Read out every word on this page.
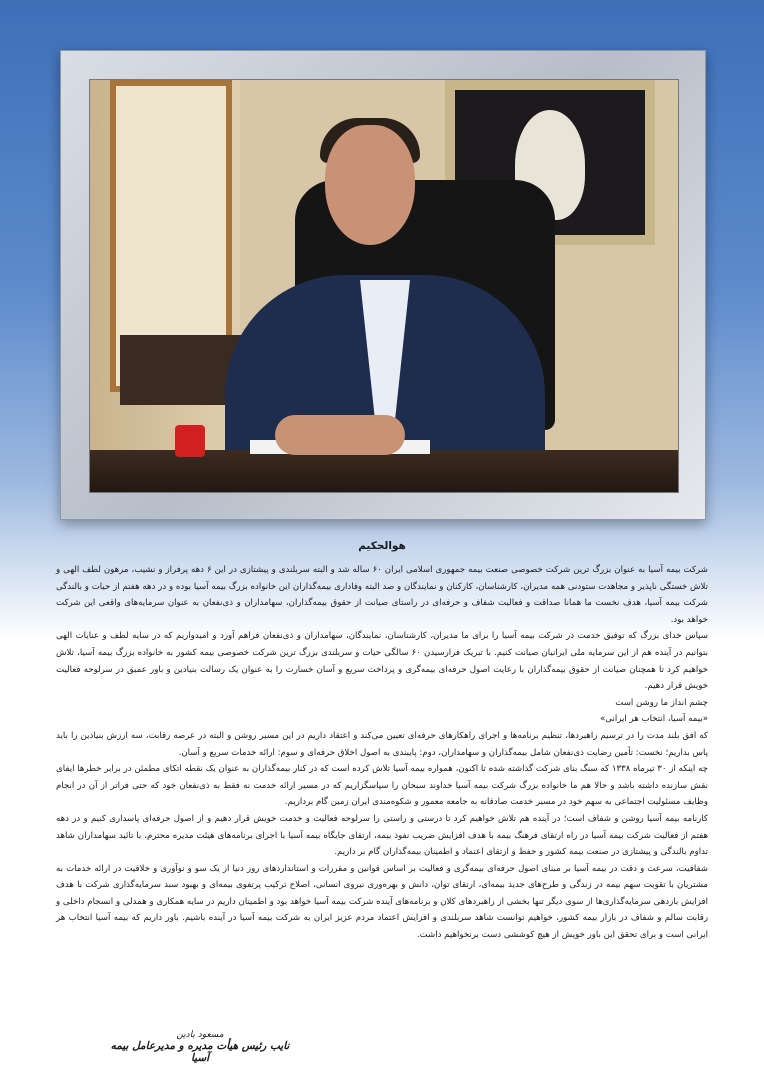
هوالحکیم

شرکت بیمه آسیا به عنوان بزرگ ترین شرکت خصوصی صنعت بیمه جمهوری اسلامی ایران ۶۰ ساله شد و البته سربلندی و پیشتازی در این ۶ دهه پرفراز و نشیب، مرهون لطف الهی و تلاش خستگی ناپذیر و مجاهدت ستودنی همه مدیران، کارشناسان، کارکنان و نمایندگان و صد البته وفاداری بیمه‌گذاران این خانواده بزرگ بیمه آسیا بوده و در دهه هفتم از حیات و بالندگی شرکت بیمه آسیا، هدف نخست ما همانا صداقت و فعالیت شفاف و حرفه‌ای در راستای صیانت از حقوق بیمه‌گذاران، سهامداران و ذی‌نفعان به عنوان سرمایه‌های واقعی این شرکت خواهد بود.

سپاس خدای بزرگ که توفیق خدمت در شرکت بیمه آسیا را برای ما مدیران، کارشناسان، نمایندگان، سهامداران و ذی‌نفعان فراهم آورد و امیدواریم که در سایه لطف و عنایات الهی بتوانیم در آینده هم از این سرمایه ملی ایرانیان صیانت کنیم. با تبریک فرارسیدن ۶۰ سالگی حیات و سربلندی بزرگ ترین شرکت خصوصی بیمه کشور به خانواده بزرگ بیمه آسیا، تلاش خواهیم کرد تا همچنان صیانت از حقوق بیمه‌گذاران با رعایت اصول حرفه‌ای بیمه‌گری و پرداخت سریع و آسان خسارت را به عنوان یک رسالت بنیادین و باور عمیق در سرلوحه فعالیت خویش قرار دهیم.

چشم انداز ما روشن است

«بیمه آسیا، انتخاب هر ایرانی»

که افق بلند مدت را در ترسیم راهبردها، تنظیم برنامه‌ها و اجرای راهکارهای حرفه‌ای تعیین می‌کند و اعتقاد داریم در این مسیر روشن و البته در عرصه رقابت، سه ارزش بنیادین را باید پاس بداریم؛ نخست: تأمین رضایت ذی‌نفعان شامل بیمه‌گذاران و سهامداران، دوم: پایبندی به اصول اخلاق حرفه‌ای و سوم: ارائه خدمات سریع و آسان.

چه اینکه از ۳۰ تیرماه ۱۳۳۸ که سنگ بنای شرکت گذاشته شده تا اکنون، همواره بیمه آسیا تلاش کرده است که در کنار بیمه‌گذاران به عنوان یک نقطه اتکای مطمئن در برابر خطرها ایفای نقش سازنده داشته باشد و حالا هم ما خانواده بزرگ شرکت بیمه آسیا خداوند سبحان را سپاسگزاریم که در مسیر ارائه خدمت نه فقط به ذی‌نفعان خود که حتی فراتر از آن در انجام وظایف مسئولیت اجتماعی به سهم خود در مسیر خدمت صادقانه به جامعه معمور و شکوه‌مندی ایران زمین گام برداریم.

کارنامه بیمه آسیا روشن و شفاف است؛ در آینده هم تلاش خواهیم کرد تا درستی و راستی را سرلوحه فعالیت و خدمت خویش قرار دهیم و از اصول حرفه‌ای پاسداری کنیم و در دهه هفتم از فعالیت شرکت بیمه آسیا در راه ارتقای فرهنگ بیمه با هدف افزایش ضریب نفوذ بیمه، ارتقای جایگاه بیمه آسیا با اجرای برنامه‌های هیئت مدیره محترم، با تائید سهامداران شاهد تداوم بالندگی و پیشتازی در صنعت بیمه کشور و حفظ و ارتقای اعتماد و اطمینان بیمه‌گذاران گام بر داریم.

شفافیت، سرعت و دقت در بیمه آسیا بر مبنای اصول حرفه‌ای بیمه‌گری و فعالیت بر اساس قوانین و مقررات و استانداردهای روز دنیا از یک سو و نوآوری و خلاقیت در ارائه خدمات به مشتریان با تقویت سهم بیمه در زندگی و طرح‌های جدید بیمه‌ای، ارتقای توان، دانش و بهره‌وری نیروی انسانی، اصلاح ترکیب پرتفوی بیمه‌ای و بهبود سبد سرمایه‌گذاری شرکت با هدف افزایش بازدهی سرمایه‌گذاری‌ها از سوی دیگر تنها بخشی از راهبردهای کلان و برنامه‌های آینده شرکت بیمه آسیا خواهد بود و اطمینان داریم در سایه همکاری و همدلی و انسجام داخلی و رقابت سالم و شفاف در بازار بیمه کشور، خواهیم توانست شاهد سربلندی و افزایش اعتماد مردم عزیز ایران به شرکت بیمه آسیا در آینده باشیم. باور داریم که بیمه آسیا انتخاب هر ایرانی است و برای تحقق این باور خویش از هیچ کوششی دست برنخواهیم داشت.

مسعود بادین
نایب رئیس هیأت مدیره و مدیرعامل بیمه آسیا
